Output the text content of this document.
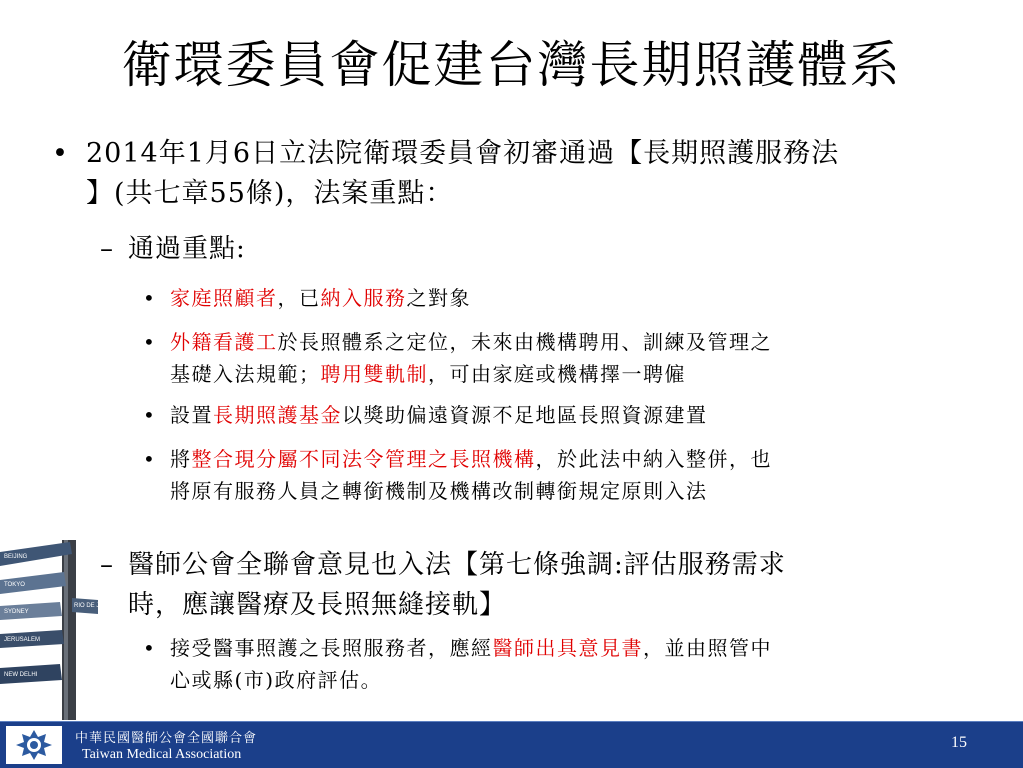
衛環委員會促建台灣長期照護體系
• 2014年1月6日立法院衛環委員會初審通過【長期照護服務法
】(共七章55條)，法案重點：
– 通過重點:
• 家庭照顧者，已納入服務之對象
• 外籍看護工於長照體系之定位，未來由機構聘用、訓練及管理之
基礎入法規範；聘用雙軌制，可由家庭或機構擇一聘僱
• 設置長期照護基金以獎助偏遠資源不足地區長照資源建置
• 將整合現分屬不同法令管理之長照機構，於此法中納入整併，也
將原有服務人員之轉銜機制及機構改制轉銜規定原則入法
– 醫師公會全聯會意見也入法【第七條強調:評估服務需求
時，應讓醫療及長照無縫接軌】
• 接受醫事照護之長照服務者，應經醫師出具意見書，並由照管中
心或縣(市)政府評估。
BEIJING
TOKYO
SYDNEY
RIO DE JANEIRO
JERUSALEM
NEW DELHI
中華民國醫師公會全國聯合會
Taiwan Medical Association
15
